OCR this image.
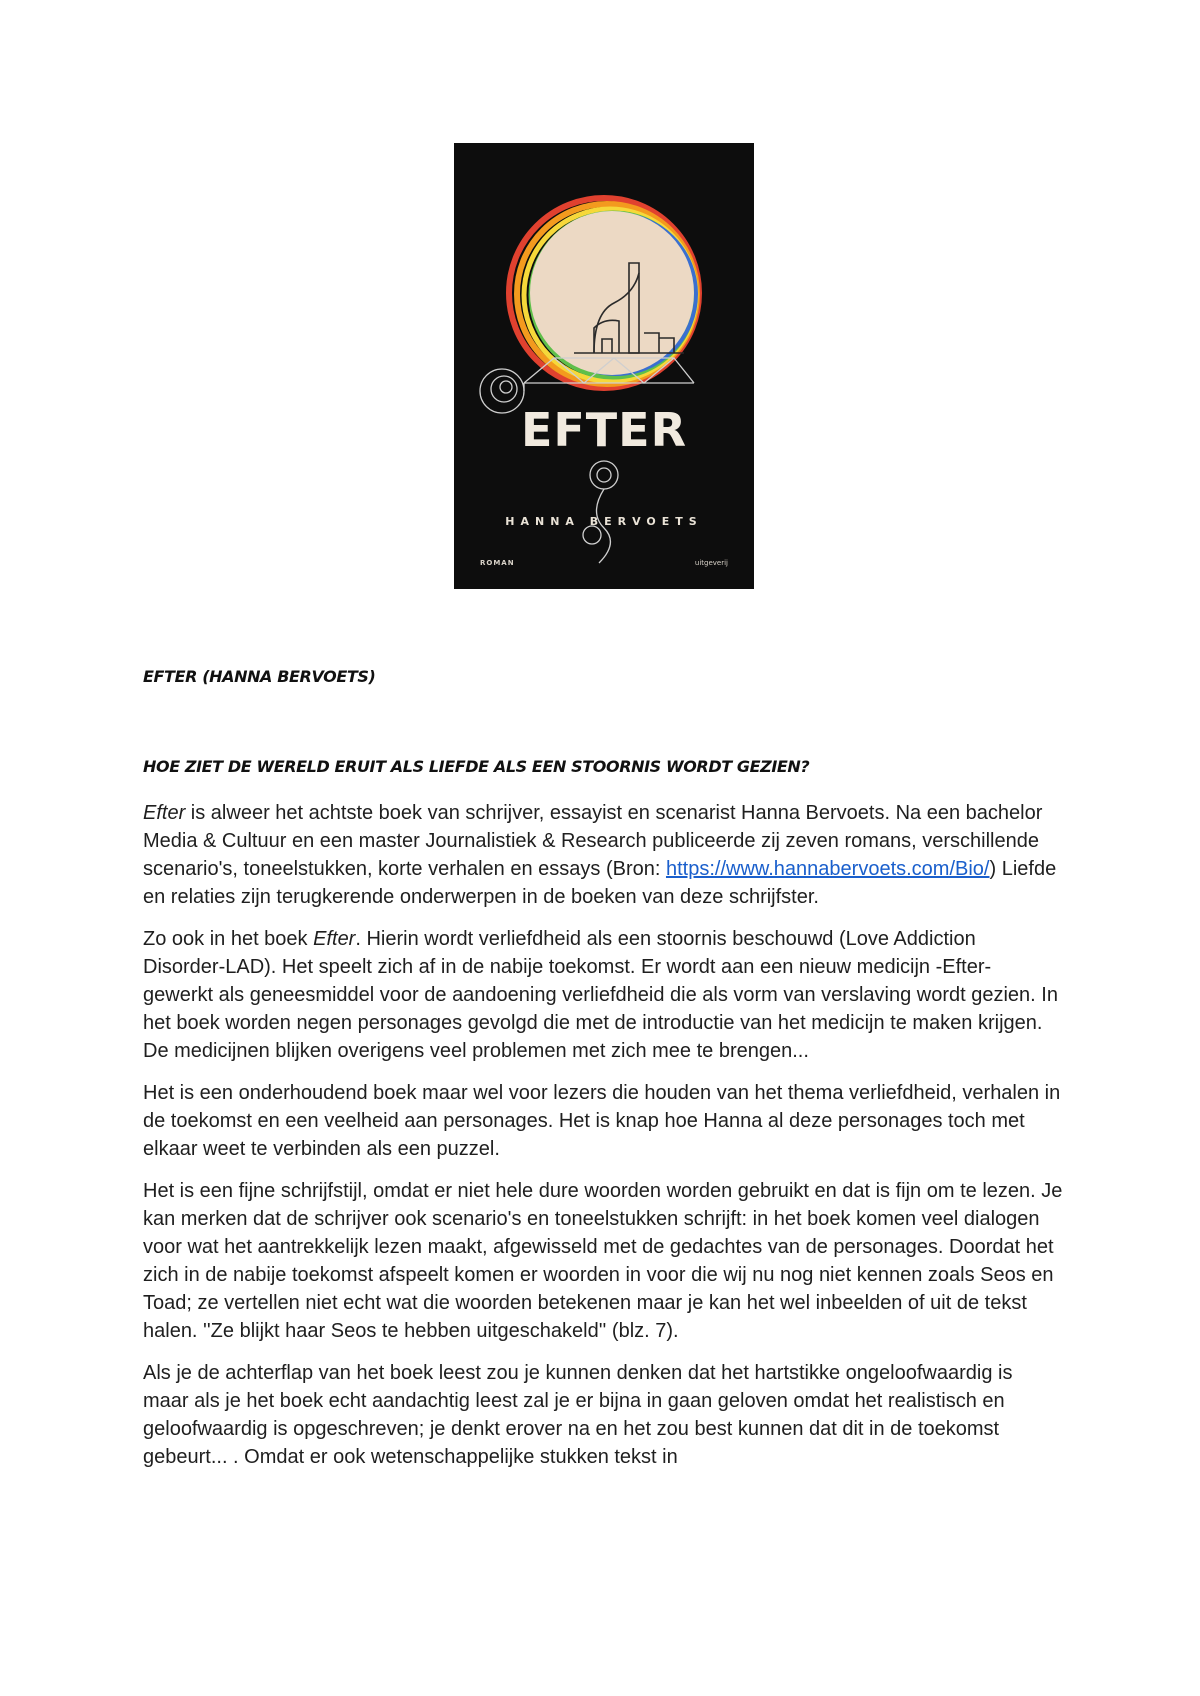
EFTER
HANNA BERVOETS
ROMAN	uitgeverij
EFTER (HANNA BERVOETS)
HOE ZIET DE WERELD ERUIT ALS LIEFDE ALS EEN STOORNIS WORDT GEZIEN?

Efter is alweer het achtste boek van schrijver, essayist en scenarist Hanna Bervoets. Na een bachelor Media & Cultuur en een master Journalistiek & Research publiceerde zij zeven romans, verschillende scenario's, toneelstukken, korte verhalen en essays (Bron: https://www.hannabervoets.com/Bio/) Liefde en relaties zijn terugkerende onderwerpen in de boeken van deze schrijfster.

Zo ook in het boek Efter. Hierin wordt verliefdheid als een stoornis beschouwd (Love Addiction Disorder-LAD). Het speelt zich af in de nabije toekomst. Er wordt aan een nieuw medicijn -Efter- gewerkt als geneesmiddel voor de aandoening verliefdheid die als vorm van verslaving wordt gezien. In het boek worden negen personages gevolgd die met de introductie van het medicijn te maken krijgen. De medicijnen blijken overigens veel problemen met zich mee te brengen...

Het is een onderhoudend boek maar wel voor lezers die houden van het thema verliefdheid, verhalen in de toekomst en een veelheid aan personages. Het is knap hoe Hanna al deze personages toch met elkaar weet te verbinden als een puzzel.

Het is een fijne schrijfstijl, omdat er niet hele dure woorden worden gebruikt en dat is fijn om te lezen. Je kan merken dat de schrijver ook scenario's en toneelstukken schrijft: in het boek komen veel dialogen voor wat het aantrekkelijk lezen maakt, afgewisseld met de gedachtes van de personages. Doordat het zich in de nabije toekomst afspeelt komen er woorden in voor die wij nu nog niet kennen zoals Seos en Toad; ze vertellen niet echt wat die woorden betekenen maar je kan het wel inbeelden of uit de tekst halen. ''Ze blijkt haar Seos te hebben uitgeschakeld'' (blz. 7).

Als je de achterflap van het boek leest zou je kunnen denken dat het hartstikke ongeloofwaardig is maar als je het boek echt aandachtig leest zal je er bijna in gaan geloven omdat het realistisch en geloofwaardig is opgeschreven; je denkt erover na en het zou best kunnen dat dit in de toekomst gebeurt... . Omdat er ook wetenschappelijke stukken tekst in
